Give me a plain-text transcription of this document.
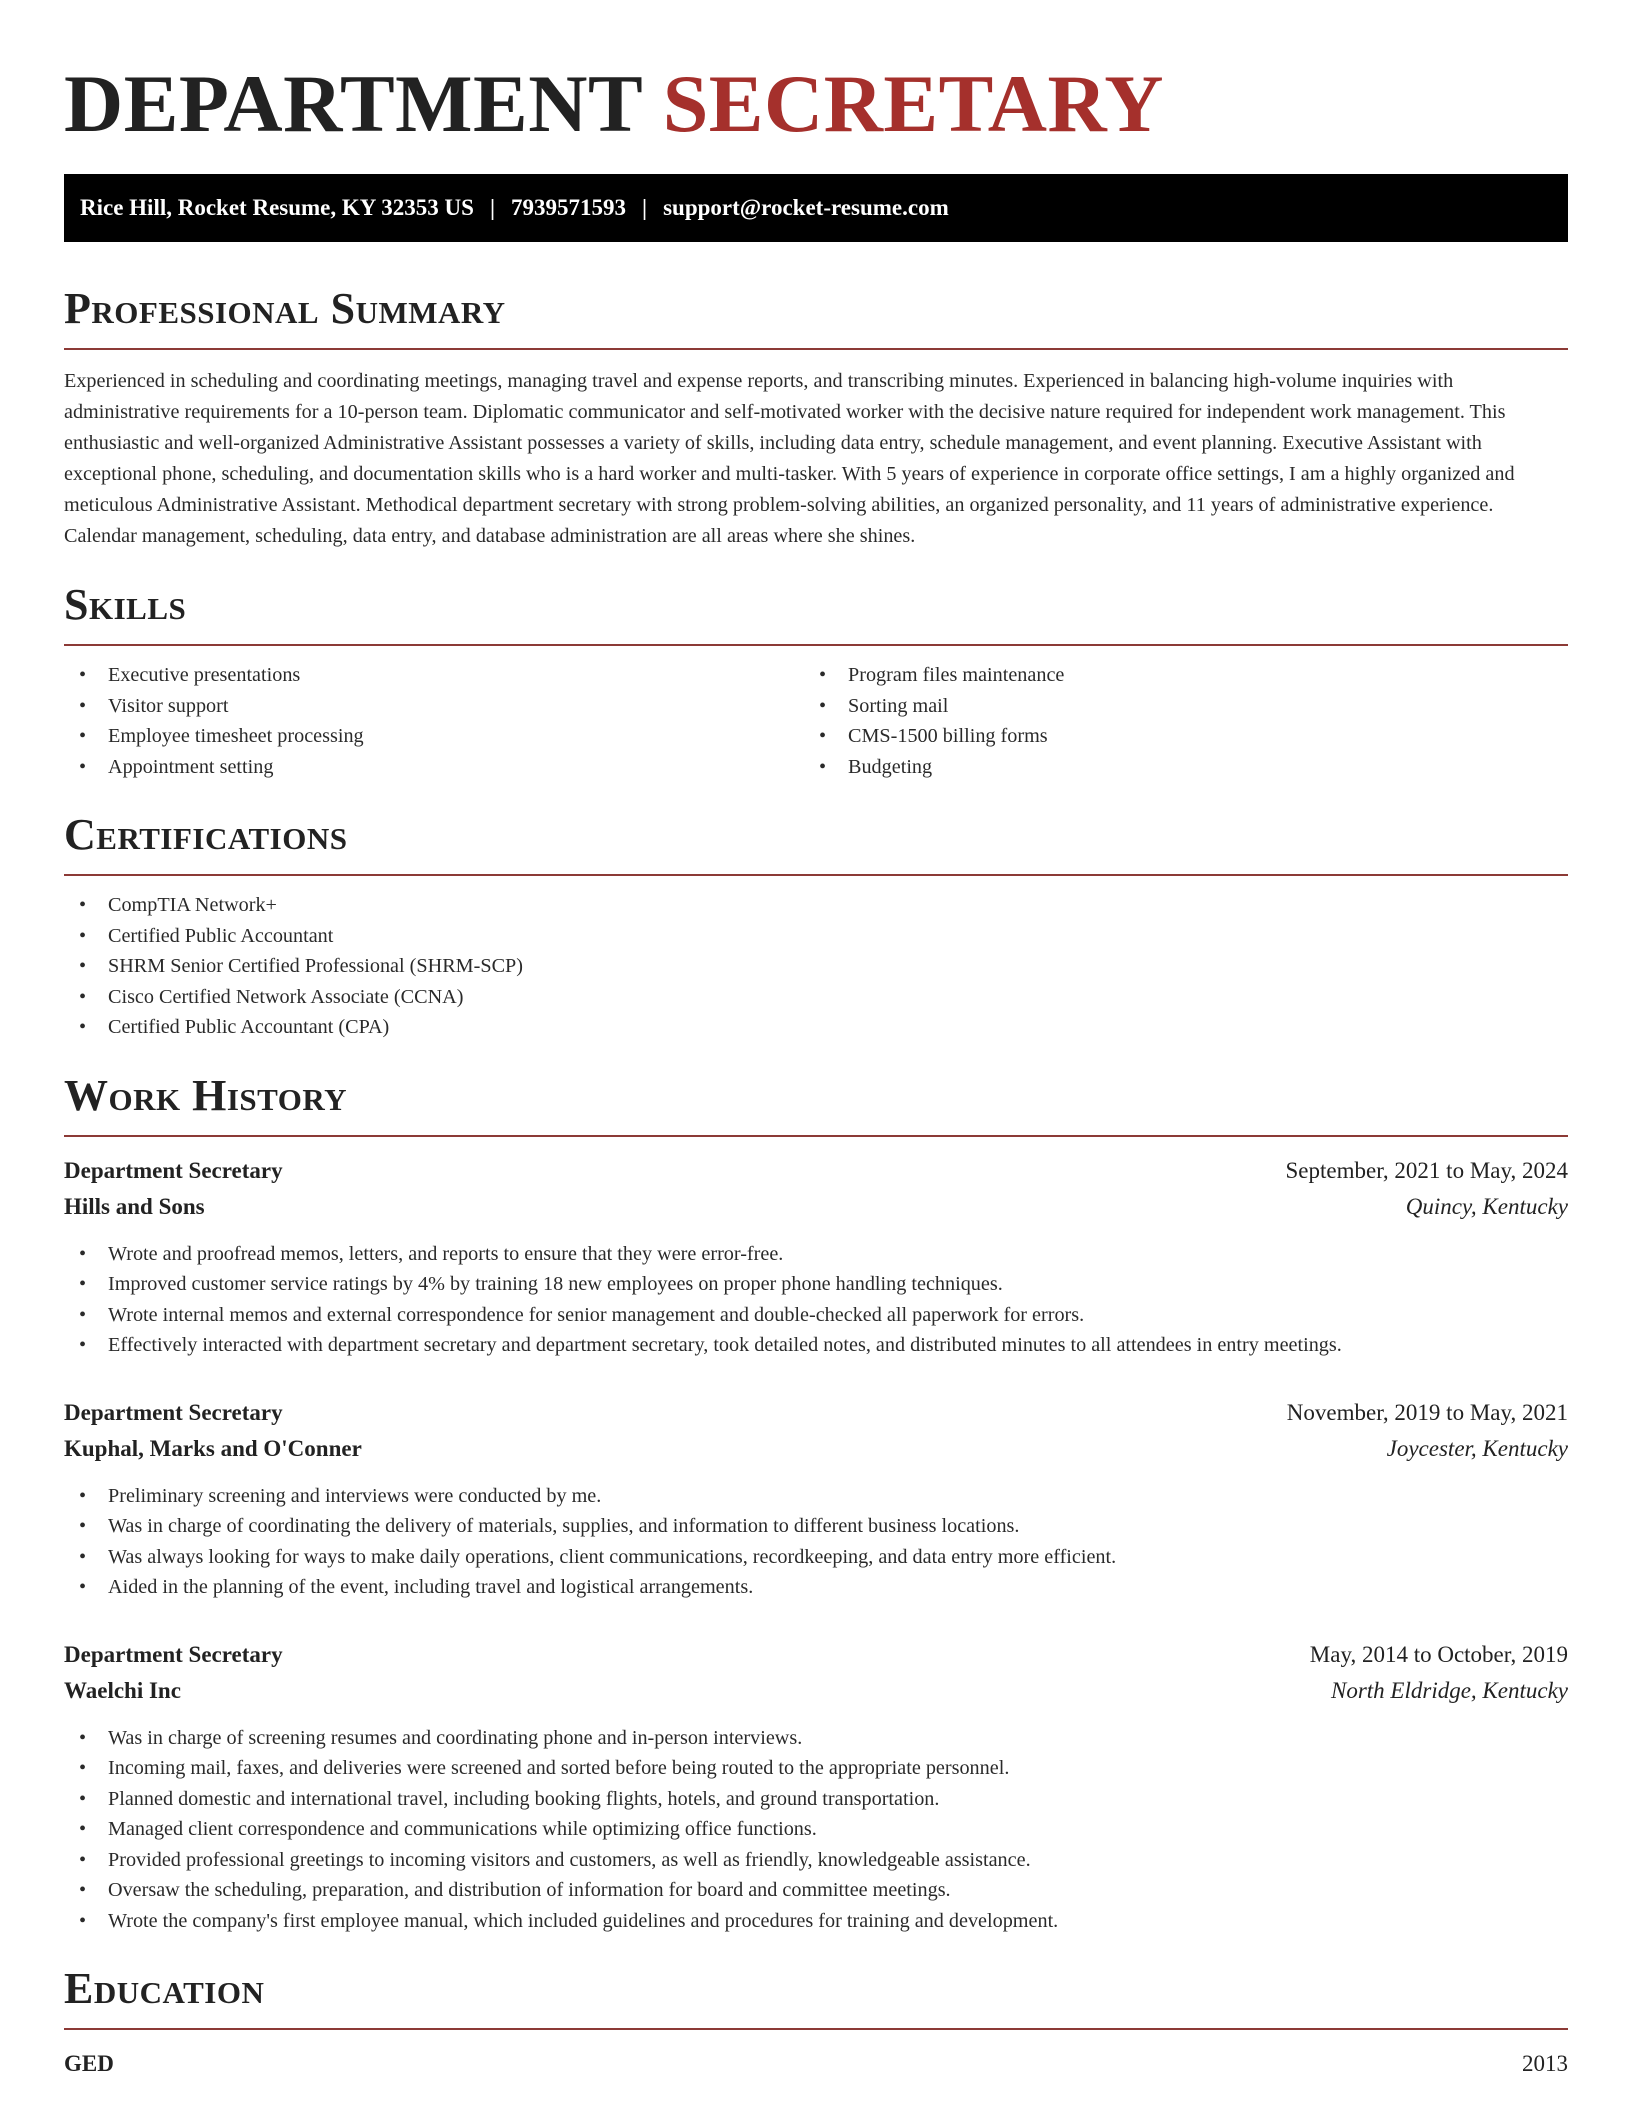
DEPARTMENT SECRETARY
Rice Hill, Rocket Resume, KY 32353 US | 7939571593 | support@rocket-resume.com
Professional Summary

Experienced in scheduling and coordinating meetings, managing travel and expense reports, and transcribing minutes. Experienced in balancing high-volume inquiries with administrative requirements for a 10-person team. Diplomatic communicator and self-motivated worker with the decisive nature required for independent work management. This enthusiastic and well-organized Administrative Assistant possesses a variety of skills, including data entry, schedule management, and event planning. Executive Assistant with exceptional phone, scheduling, and documentation skills who is a hard worker and multi-tasker. With 5 years of experience in corporate office settings, I am a highly organized and meticulous Administrative Assistant. Methodical department secretary with strong problem-solving abilities, an organized personality, and 11 years of administrative experience. Calendar management, scheduling, data entry, and database administration are all areas where she shines.

Skills
• Executive presentations
• Visitor support
• Employee timesheet processing
• Appointment setting
• Program files maintenance
• Sorting mail
• CMS-1500 billing forms
• Budgeting
Certifications
• CompTIA Network+
• Certified Public Accountant
• SHRM Senior Certified Professional (SHRM-SCP)
• Cisco Certified Network Associate (CCNA)
• Certified Public Accountant (CPA)
Work History
Department Secretary	September, 2021 to May, 2024
Hills and Sons	Quincy, Kentucky
• Wrote and proofread memos, letters, and reports to ensure that they were error-free.
• Improved customer service ratings by 4% by training 18 new employees on proper phone handling techniques.
• Wrote internal memos and external correspondence for senior management and double-checked all paperwork for errors.
• Effectively interacted with department secretary and department secretary, took detailed notes, and distributed minutes to all attendees in entry meetings.
Department Secretary	November, 2019 to May, 2021
Kuphal, Marks and O'Conner	Joycester, Kentucky
• Preliminary screening and interviews were conducted by me.
• Was in charge of coordinating the delivery of materials, supplies, and information to different business locations.
• Was always looking for ways to make daily operations, client communications, recordkeeping, and data entry more efficient.
• Aided in the planning of the event, including travel and logistical arrangements.
Department Secretary	May, 2014 to October, 2019
Waelchi Inc	North Eldridge, Kentucky
• Was in charge of screening resumes and coordinating phone and in-person interviews.
• Incoming mail, faxes, and deliveries were screened and sorted before being routed to the appropriate personnel.
• Planned domestic and international travel, including booking flights, hotels, and ground transportation.
• Managed client correspondence and communications while optimizing office functions.
• Provided professional greetings to incoming visitors and customers, as well as friendly, knowledgeable assistance.
• Oversaw the scheduling, preparation, and distribution of information for board and committee meetings.
• Wrote the company's first employee manual, which included guidelines and procedures for training and development.
Education
GED	2013
